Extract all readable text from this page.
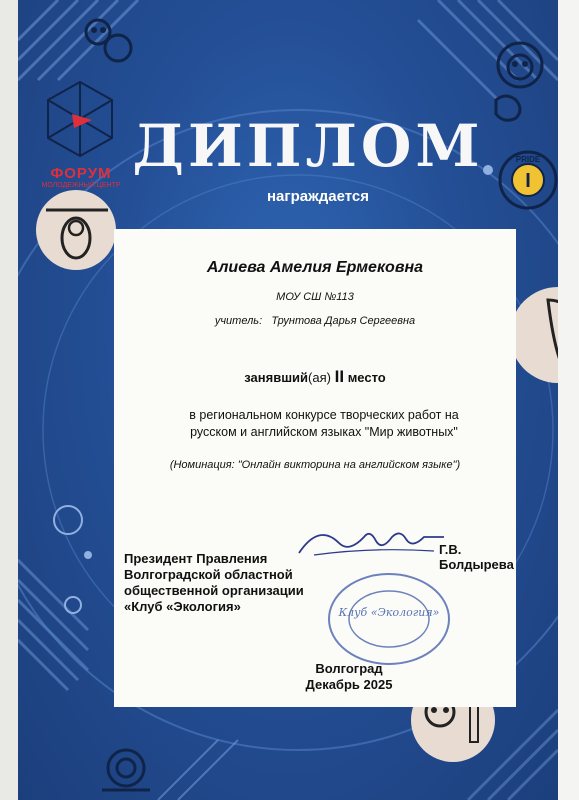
I
PRIDE
ФОРУМ
МОЛОДЕЖНЫЙ ЦЕНТР
ДИПЛОМ
награждается
Алиева Амелия Ермековна
МОУ СШ №113
учитель: Трунтова Дарья Сергеевна
занявший(ая) II место
в региональном конкурсе творческих работ на
русском и английском языках "Мир животных"
(Номинация: "Онлайн викторина на английском языке")
Президент Правления
Волгоградской областной
общественной организации
«Клуб «Экология»
Г.В. Болдырева
Клуб «Экология»
Волгоград
Декабрь 2025
